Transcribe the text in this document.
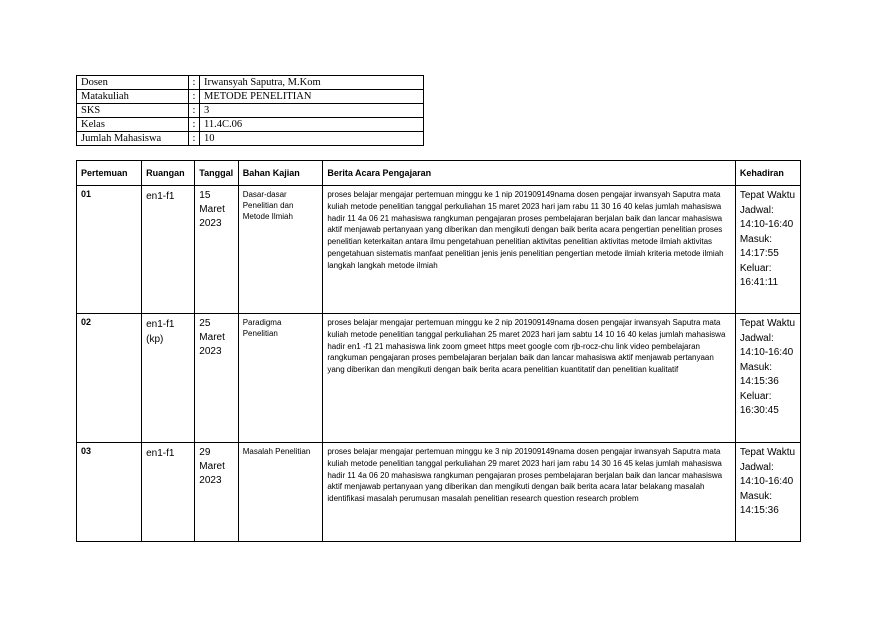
Dosen	:	Irwansyah Saputra, M.Kom
Matakuliah	:	METODE PENELITIAN
SKS	:	3
Kelas	:	11.4C.06
Jumlah Mahasiswa	:	10
Pertemuan	Ruangan	Tanggal	Bahan Kajian	Berita Acara Pengajaran	Kehadiran
01	en1-f1	15 Maret 2023	Dasar-dasar Penelitian dan Metode Ilmiah	proses belajar mengajar pertemuan minggu ke 1 nip 201909149nama dosen pengajar irwansyah Saputra mata kuliah metode penelitian tanggal perkuliahan 15 maret 2023 hari jam rabu 11 30 16 40 kelas jumlah mahasiswa hadir 11 4a 06 21 mahasiswa rangkuman pengajaran proses pembelajaran berjalan baik dan lancar mahasiswa aktif menjawab pertanyaan yang diberikan dan mengikuti dengan baik berita acara pengertian penelitian proses penelitian keterkaitan antara ilmu pengetahuan penelitian aktivitas penelitian aktivitas metode ilmiah aktivitas pengetahuan sistematis manfaat penelitian jenis jenis penelitian pengertian metode ilmiah kriteria metode ilmiah langkah langkah metode ilmiah	Tepat Waktu Jadwal: 14:10-16:40 Masuk: 14:17:55 Keluar: 16:41:11
02	en1-f1 (kp)	25 Maret 2023	Paradigma Penelitian	proses belajar mengajar pertemuan minggu ke 2 nip 201909149nama dosen pengajar irwansyah Saputra mata kuliah metode penelitian tanggal perkuliahan 25 maret 2023 hari jam sabtu 14 10 16 40 kelas jumlah mahasiswa hadir en1 -f1 21 mahasiswa link zoom gmeet https meet google com rjb-rocz-chu link video pembelajaran rangkuman pengajaran proses pembelajaran berjalan baik dan lancar mahasiswa aktif menjawab pertanyaan yang diberikan dan mengikuti dengan baik berita acara penelitian kuantitatif dan penelitian kualitatif	Tepat Waktu Jadwal: 14:10-16:40 Masuk: 14:15:36 Keluar: 16:30:45
03	en1-f1	29 Maret 2023	Masalah Penelitian	proses belajar mengajar pertemuan minggu ke 3 nip 201909149nama dosen pengajar irwansyah Saputra mata kuliah metode penelitian tanggal perkuliahan 29 maret 2023 hari jam rabu 14 30 16 45 kelas jumlah mahasiswa hadir 11 4a 06 20 mahasiswa rangkuman pengajaran proses pembelajaran berjalan baik dan lancar mahasiswa aktif menjawab pertanyaan yang diberikan dan mengikuti dengan baik berita acara latar belakang masalah identifikasi masalah perumusan masalah penelitian research question research problem	Tepat Waktu Jadwal: 14:10-16:40 Masuk: 14:15:36
